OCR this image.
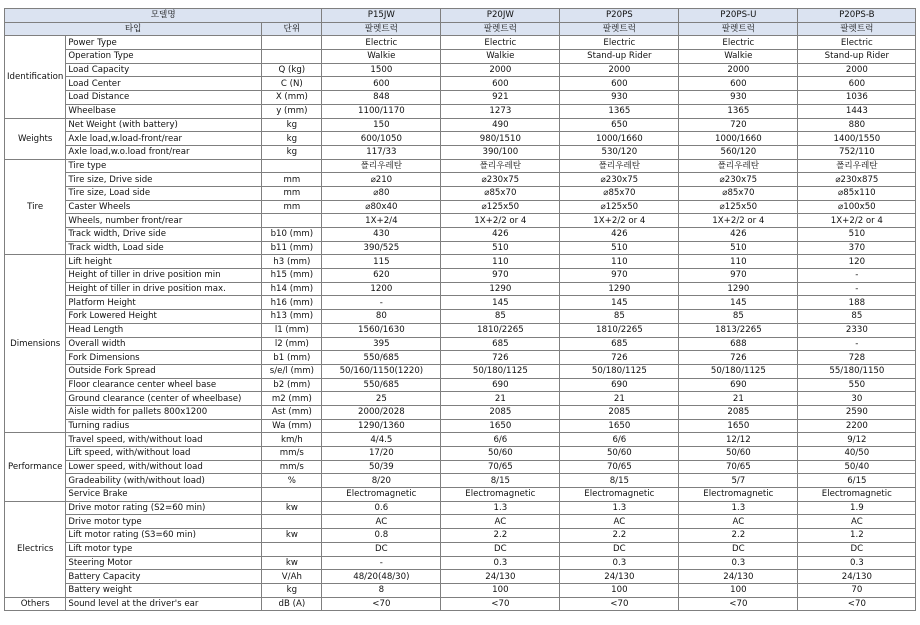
모델명			P15JW	P20JW	P20PS	P20PS-U	P20PS-B
타입		단위	팔렛트럭	팔렛트럭	팔렛트럭	팔렛트럭	팔렛트럭
Identification	Power Type		Electric	Electric	Electric	Electric	Electric
	Operation Type		Walkie	Walkie	Stand-up Rider	Walkie	Stand-up Rider
	Load Capacity	Q (kg)	1500	2000	2000	2000	2000
	Load Center	C (N)	600	600	600	600	600
	Load Distance	X (mm)	848	921	930	930	1036
	Wheelbase	y (mm)	1100/1170	1273	1365	1365	1443
Weights	Net Weight (with battery)	kg	150	490	650	720	880
	Axle load,w.load-front/rear	kg	600/1050	980/1510	1000/1660	1000/1660	1400/1550
	Axle load,w.o.load front/rear	kg	117/33	390/100	530/120	560/120	752/110
Tire	Tire type		폴리우레탄	폴리우레탄	폴리우레탄	폴리우레탄	폴리우레탄
	Tire size, Drive side	mm	⌀210	⌀230x75	⌀230x75	⌀230x75	⌀230x875
	Tire size, Load side	mm	⌀80	⌀85x70	⌀85x70	⌀85x70	⌀85x110
	Caster Wheels	mm	⌀80x40	⌀125x50	⌀125x50	⌀125x50	⌀100x50
	Wheels, number front/rear		1X+2/4	1X+2/2 or 4	1X+2/2 or 4	1X+2/2 or 4	1X+2/2 or 4
	Track width, Drive side	b10 (mm)	430	426	426	426	510
	Track width, Load side	b11 (mm)	390/525	510	510	510	370
Dimensions	Lift height	h3 (mm)	115	110	110	110	120
	Height of tiller in drive position min	h15 (mm)	620	970	970	970	-
	Height of tiller in drive position max.	h14 (mm)	1200	1290	1290	1290	-
	Platform Height	h16 (mm)	-	145	145	145	188
	Fork Lowered Height	h13 (mm)	80	85	85	85	85
	Head Length	l1 (mm)	1560/1630	1810/2265	1810/2265	1813/2265	2330
	Overall width	l2 (mm)	395	685	685	688	-
	Fork Dimensions	b1 (mm)	550/685	726	726	726	728
	Outside Fork Spread	s/e/l (mm)	50/160/1150(1220)	50/180/1125	50/180/1125	50/180/1125	55/180/1150
	Floor clearance center wheel base	b2 (mm)	550/685	690	690	690	550
	Ground clearance (center of wheelbase)	m2 (mm)	25	21	21	21	30
	Aisle width for pallets 800x1200	Ast (mm)	2000/2028	2085	2085	2085	2590
	Turning radius	Wa (mm)	1290/1360	1650	1650	1650	2200
Performance	Travel speed, with/without load	km/h	4/4.5	6/6	6/6	12/12	9/12
	Lift speed, with/without load	mm/s	17/20	50/60	50/60	50/60	40/50
	Lower speed, with/without load	mm/s	50/39	70/65	70/65	70/65	50/40
	Gradeability (with/without load)	%	8/20	8/15	8/15	5/7	6/15
	Service Brake		Electromagnetic	Electromagnetic	Electromagnetic	Electromagnetic	Electromagnetic
Electrics	Drive motor rating (S2=60 min)	kw	0.6	1.3	1.3	1.3	1.9
	Drive motor type		AC	AC	AC	AC	AC
	Lift motor rating (S3=60 min)	kw	0.8	2.2	2.2	2.2	1.2
	Lift motor type		DC	DC	DC	DC	DC
	Steering Motor	kw	-	0.3	0.3	0.3	0.3
	Battery Capacity	V/Ah	48/20(48/30)	24/130	24/130	24/130	24/130
	Battery weight	kg	8	100	100	100	70
Others	Sound level at the driver's ear	dB (A)	<70	<70	<70	<70	<70
